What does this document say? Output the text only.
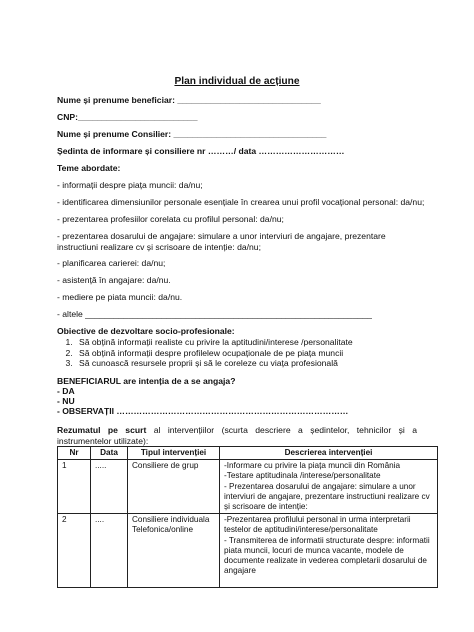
Plan individual de acțiune
Nume și prenume beneficiar: ______________________________
CNP:_________________________
Nume și prenume Consilier: ________________________________
Ședinta de informare și consiliere nr ………/ data …………………………
Teme abordate:
- informații despre piața muncii: da/nu;
- identificarea dimensiunilor personale esențiale în crearea unui profil vocațional personal: da/nu;
- prezentarea profesiilor corelata cu profilul personal: da/nu;
- prezentarea dosarului de angajare: simulare a unor interviuri de angajare, prezentare instructiuni realizare cv și scrisoare de intenție: da/nu;
- planificarea carierei: da/nu;
- asistență în angajare: da/nu.
- mediere pe piata muncii: da/nu.
- altele ____________________________________________________________
Obiective de dezvoltare socio-profesionale:
1. Să obțină informații realiste cu privire la aptitudini/interese /personalitate
2. Să obțină informații despre profilelew ocupaționale de pe piața muncii
3. Să cunoască resursele proprii și să le coreleze cu viața profesională
BENEFICIARUL are intenția de a se angaja?
- DA
- NU
- OBSERVAȚII ………………………………………………………………………
Rezumatul pe scurt al intervențiilor (scurta descriere a ședintelor, tehnicilor și a instrumentelor utilizate):
Nr	Data	Tipul intervenției	Descrierea intervenției
1	.....	Consiliere de grup	-Informare cu privire la piața muncii din România
-Testare aptitudinala /interese/personalitate
- Prezentarea dosarului de angajare: simulare a unor interviuri de angajare, prezentare instructiuni realizare cv și scrisoare de intenție:

2	....	Consiliere individuala Telefonica/online	-Prezentarea profilului personal in urma interpretarii testelor de aptitudini/interese/personalitate
- Transmiterea de informatii structurate despre: informatii piata muncii, locuri de munca vacante, modele de documente realizate in vederea completarii dosarului de angajare
